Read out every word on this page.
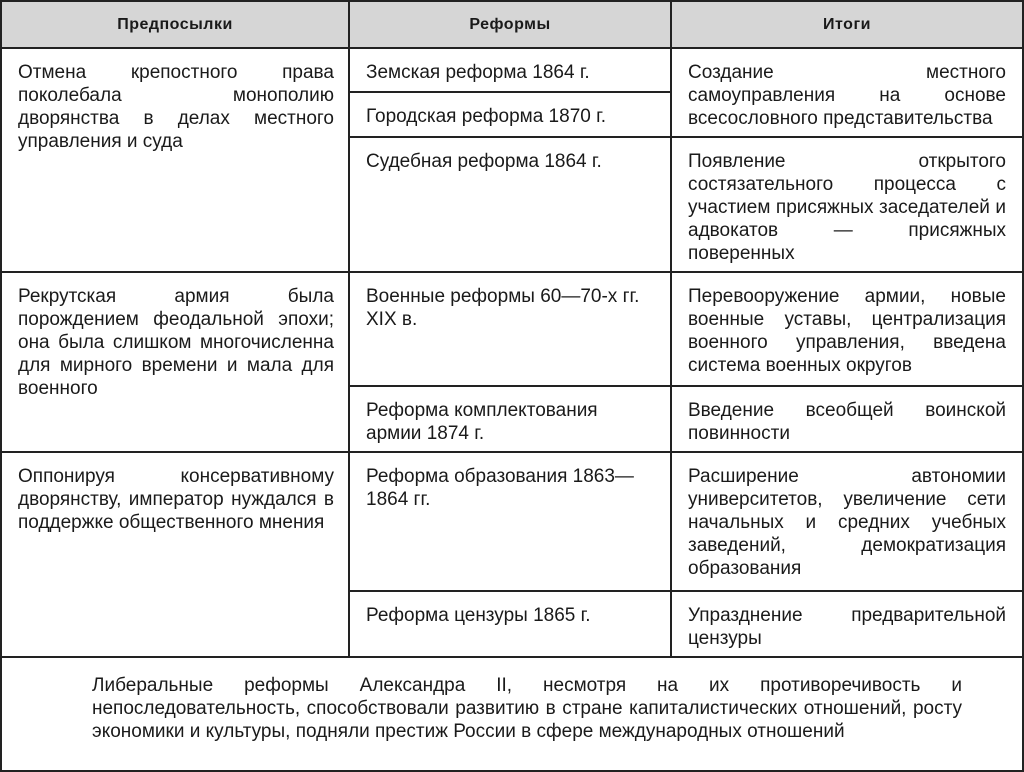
Предпосылки	Реформы	Итоги
Отмена крепостного права поколебала монополию дворянства в делах местного управления и суда	Земская реформа 1864 г.	Создание местного самоуправления на основе всесословного представительства
	Городская реформа 1870 г.	
	Судебная реформа 1864 г.	Появление открытого состязательного процесса с участием присяжных заседателей и адвокатов — присяжных поверенных
Рекрутская армия была порождением феодальной эпохи; она была слишком многочисленна для мирного времени и мала для военного	Военные реформы 60—70-х гг. XIX в.	Перевооружение армии, новые военные уставы, централизация военного управления, введена система военных округов
	Реформа комплектования армии 1874 г.	Введение всеобщей воинской повинности
Оппонируя консервативному дворянству, император нуждался в поддержке общественного мнения	Реформа образования 1863—1864 гг.	Расширение автономии университетов, увеличение сети начальных и средних учебных заведений, демократизация образования
	Реформа цензуры 1865 г.	Упразднение предварительной цензуры
Либеральные реформы Александра II, несмотря на их противоречивость и непоследовательность, способствовали развитию в стране капиталистических отношений, росту экономики и культуры, подняли престиж России в сфере международных отношений		
